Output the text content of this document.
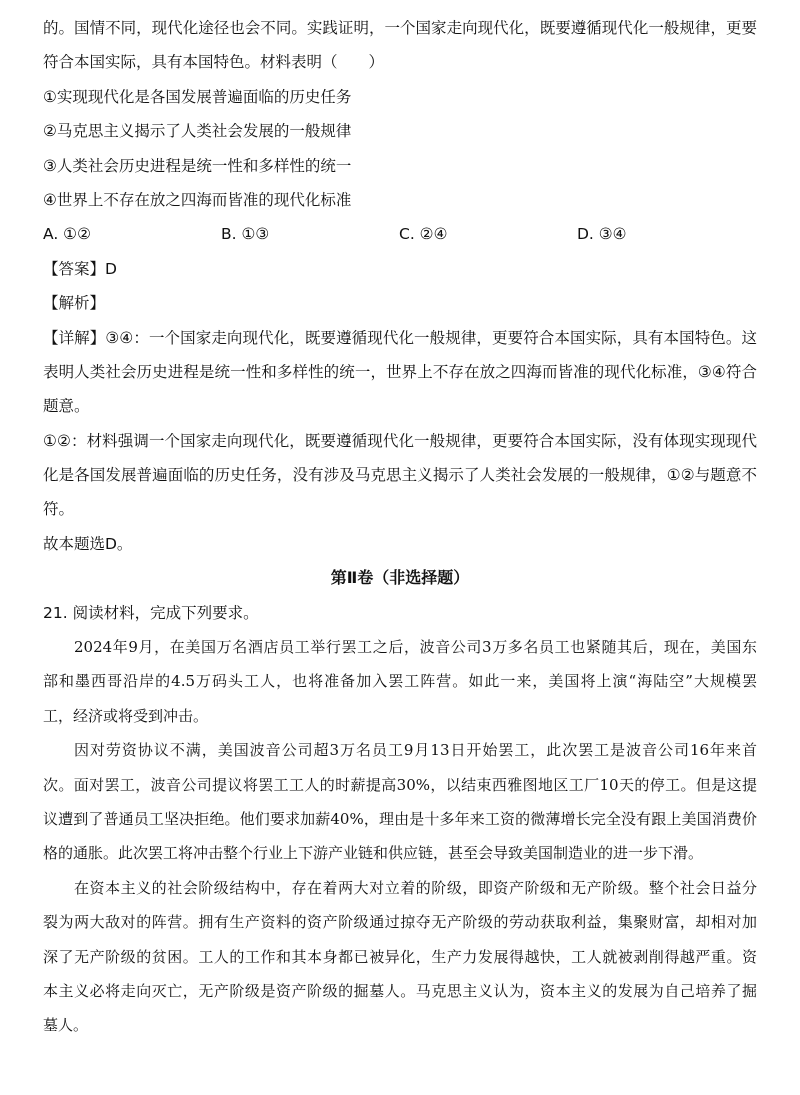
的。国情不同，现代化途径也会不同。实践证明，一个国家走向现代化，既要遵循现代化一般规律，更要
符合本国实际，具有本国特色。材料表明（　　）
①实现现代化是各国发展普遍面临的历史任务
②马克思主义揭示了人类社会发展的一般规律
③人类社会历史进程是统一性和多样性的统一
④世界上不存在放之四海而皆准的现代化标准
A. ①②	B. ①③	C. ②④	D. ③④
【答案】D
【解析】
【详解】③④：一个国家走向现代化，既要遵循现代化一般规律，更要符合本国实际，具有本国特色。这
表明人类社会历史进程是统一性和多样性的统一，世界上不存在放之四海而皆准的现代化标准，③④符合
题意。
①②：材料强调一个国家走向现代化，既要遵循现代化一般规律，更要符合本国实际，没有体现实现现代
化是各国发展普遍面临的历史任务，没有涉及马克思主义揭示了人类社会发展的一般规律，①②与题意不
符。
故本题选D。
第Ⅱ卷（非选择题）
21. 阅读材料，完成下列要求。
2024年9月，在美国万名酒店员工举行罢工之后，波音公司3万多名员工也紧随其后，现在，美国东
部和墨西哥沿岸的4.5万码头工人，也将准备加入罢工阵营。如此一来，美国将上演“海陆空”大规模罢
工，经济或将受到冲击。
因对劳资协议不满，美国波音公司超3万名员工9月13日开始罢工，此次罢工是波音公司16年来首
次。面对罢工，波音公司提议将罢工工人的时薪提高30%，以结束西雅图地区工厂10天的停工。但是这提
议遭到了普通员工坚决拒绝。他们要求加薪40%，理由是十多年来工资的微薄增长完全没有跟上美国消费价
格的通胀。此次罢工将冲击整个行业上下游产业链和供应链，甚至会导致美国制造业的进一步下滑。
在资本主义的社会阶级结构中，存在着两大对立着的阶级，即资产阶级和无产阶级。整个社会日益分
裂为两大敌对的阵营。拥有生产资料的资产阶级通过掠夺无产阶级的劳动获取利益，集聚财富，却相对加
深了无产阶级的贫困。工人的工作和其本身都已被异化，生产力发展得越快，工人就被剥削得越严重。资
本主义必将走向灭亡，无产阶级是资产阶级的掘墓人。马克思主义认为，资本主义的发展为自己培养了掘
墓人。
